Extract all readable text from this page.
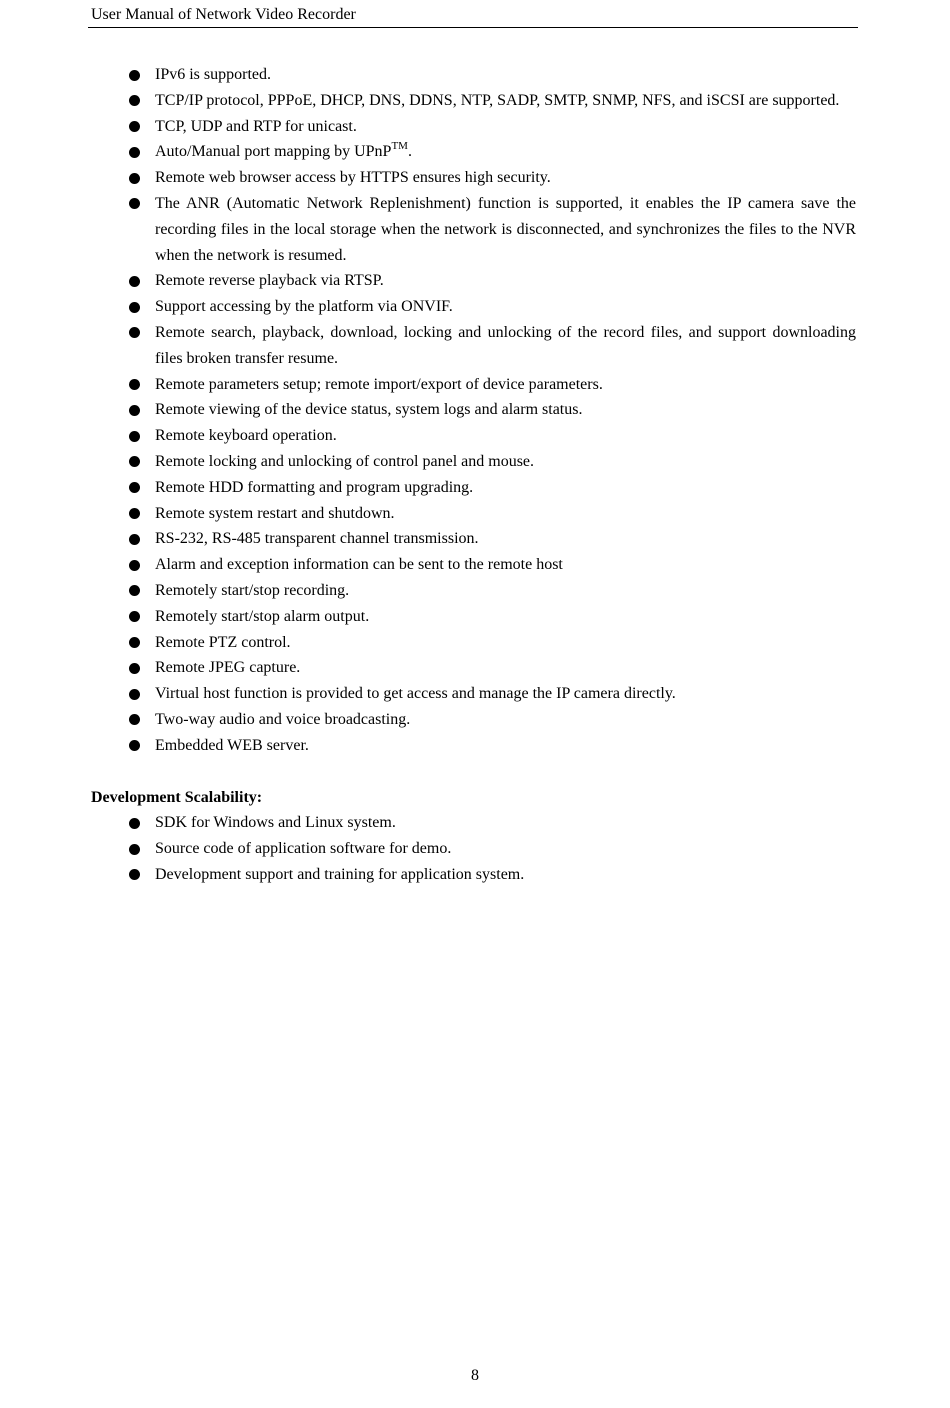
User Manual of Network Video Recorder
IPv6 is supported.
TCP/IP protocol, PPPoE, DHCP, DNS, DDNS, NTP, SADP, SMTP, SNMP, NFS, and iSCSI are supported.
TCP, UDP and RTP for unicast.
Auto/Manual port mapping by UPnP™.
Remote web browser access by HTTPS ensures high security.
The ANR (Automatic Network Replenishment) function is supported, it enables the IP camera save the recording files in the local storage when the network is disconnected, and synchronizes the files to the NVR when the network is resumed.
Remote reverse playback via RTSP.
Support accessing by the platform via ONVIF.
Remote search, playback, download, locking and unlocking of the record files, and support downloading files broken transfer resume.
Remote parameters setup; remote import/export of device parameters.
Remote viewing of the device status, system logs and alarm status.
Remote keyboard operation.
Remote locking and unlocking of control panel and mouse.
Remote HDD formatting and program upgrading.
Remote system restart and shutdown.
RS-232, RS-485 transparent channel transmission.
Alarm and exception information can be sent to the remote host
Remotely start/stop recording.
Remotely start/stop alarm output.
Remote PTZ control.
Remote JPEG capture.
Virtual host function is provided to get access and manage the IP camera directly.
Two-way audio and voice broadcasting.
Embedded WEB server.
Development Scalability:
SDK for Windows and Linux system.
Source code of application software for demo.
Development support and training for application system.
8
